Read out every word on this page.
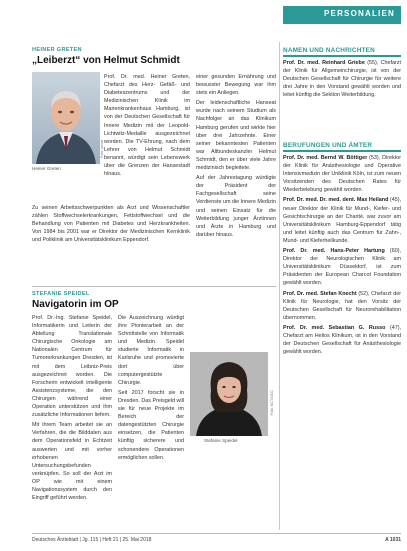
PERSONALIEN
HEINER GRETEN
„Leiberzt“ von Helmut Schmidt
Foto: privat
Heiner Greten

Prof. Dr. med. Heiner Greten, Chefarzt des Herz- Gefäß- und Diabeteszentrums und der Medizinischen Klinik im Marienkrankenhaus Hamburg, ist von der Deutschen Gesellschaft für Innere Medizin mit der Leopold-Lichtwitz-Medaille ausgezeichnet worden. Die TV-Ehrung, nach dem Lehrer von Helmut Schmidt benannt, würdigt sein Lebenswerk über die Grenzen der Hansestadt hinaus.

Zu seinen Arbeitsschwerpunkten als Arzt und Wissenschaftler zählen Stoffwechselerkrankungen, Fettstoffwechsel und die Behandlung von Patienten mit Diabetes und Herzkrankheiten. Von 1984 bis 2001 war er Direktor der Medizinischen Kernklinik und Poliklinik am Universitätsklinikum Eppendorf.

einer gesunden Ernährung und bewusster Bewegung war ihm stets ein Anliegen.

Der leidenschaftliche Hanseat wurde nach seinem Studium als Nachfolger an das Klinikum Hamburg gerufen und wirkte hier über drei Jahrzehnte. Einer seiner bekanntesten Patienten war Altbundeskanzler Helmut Schmidt, den er über viele Jahre medizinisch begleitete.

Auf der Jahrestagung würdigte der Präsident der Fachgesellschaft seine Verdienste um die Innere Medizin und seinen Einsatz für die Weiterbildung junger Ärztinnen und Ärzte in Hamburg und darüber hinaus.

STEFANIE SPEIDEL
Navigatorin im OP

Prof. Dr.-Ing. Stefanie Speidel, Informatikerin und Leiterin der Abteilung Translationale Chirurgische Onkologie am Nationalen Centrum für Tumorerkrankungen Dresden, ist mit dem Leibniz-Preis ausgezeichnet worden. Die Forscherin entwickelt intelligente Assistenzsysteme, die den Chirurgen während einer Operation unterstützen und ihm zusätzliche Informationen liefern.

Mit ihrem Team arbeitet sie an Verfahren, die die Bilddaten aus dem Operationsfeld in Echtzeit auswerten und mit vorher erhobenen Untersuchungsbefunden verknüpfen. So soll der Arzt im OP wie mit einem Navigationssystem durch den Eingriff geführt werden.

Die Auszeichnung würdigt ihre Pionierarbeit an der Schnittstelle von Informatik und Medizin. Speidel studierte Informatik in Karlsruhe und promovierte dort über computergestützte Chirurgie.

Seit 2017 forscht sie in Dresden. Das Preisgeld will sie für neue Projekte im Bereich der datengestützten Chirurgie einsetzen, die Patienten künftig sicherere und schonendere Operationen ermöglichen sollen.

Foto: NCT/UCC
Stefanie Speidel
NAMEN UND NACHRICHTEN

Prof. Dr. med. Reinhard Griebe (55), Chefarzt der Klinik für Allgemeinchirurgie, ist von der Deutschen Gesellschaft für Chirurgie für weitere drei Jahre in den Vorstand gewählt worden und leitet künftig die Sektion Weiterbildung.

BERUFUNGEN UND ÄMTER

Prof. Dr. med. Bernd W. Böttiger (53), Direktor der Klinik für Anästhesiologie und Operative Intensivmedizin der Uniklinik Köln, ist zum neuen Vorsitzenden des Deutschen Rates für Wiederbelebung gewählt worden.

Prof. Dr. med. Dr. med. dent. Max Heiland (45), neuer Direktor der Klinik für Mund-, Kiefer- und Gesichtschirurgie an der Charité, war zuvor am Universitätsklinikum Hamburg-Eppendorf tätig und leitet künftig auch das Centrum für Zahn-, Mund- und Kieferheilkunde.

Prof. Dr. med. Hans-Peter Hartung (60), Direktor der Neurologischen Klinik am Universitätsklinikum Düsseldorf, ist zum Präsidenten der European Charcot Foundation gewählt worden.

Prof. Dr. med. Stefan Knecht (52), Chefarzt der Klinik für Neurologie, hat den Vorsitz der Deutschen Gesellschaft für Neurorehabilitation übernommen.

Prof. Dr. med. Sebastian G. Russo (47), Chefarzt am Helios Klinikum, ist in den Vorstand der Deutschen Gesellschaft für Anästhesiologie gewählt worden.

Deutsches Ärzteblatt | Jg. 115 | Heft 21 | 25. Mai 2018	A 1031
